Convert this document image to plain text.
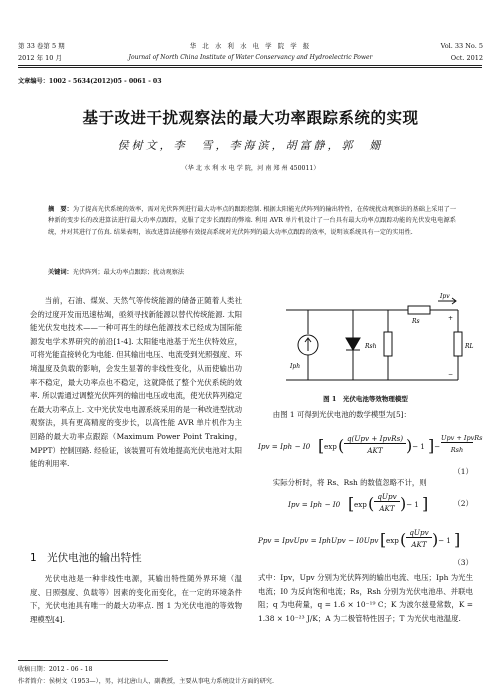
第 33 卷第 5 期
2012 年 10 月
华 北 水 利 水 电 学 院 学 报
Journal of North China Institute of Water Conservancy and Hydroelectric Power
Vol. 33 No. 5
Oct. 2012
文章编号：1002 - 5634(2012)05 - 0061 - 03
基于改进干扰观察法的最大功率跟踪系统的实现
侯树文，李　雪，李海滨，胡富静，郭　姗
（华 北 水 利 水 电 学 院，河 南 郑 州 450011）
摘　要：为了提高光伏系统的效率，需对光伏阵列进行最大功率点的跟踪控制. 根据太阳能光伏阵列的输出特性，在传统扰动观察法的基础上采用了一种新的变步长的改进算法进行最大功率点跟踪，克服了定步长跟踪的弊端. 利用 AVR 单片机设计了一台具有最大功率点跟踪功能的光伏发电电源系统，并对其进行了仿真. 结果表明，该改进算法能够有效提高系统对光伏阵列的最大功率点跟踪的效率，说明该系统具有一定的实用性.
关键词：光伏阵列；最大功率点跟踪；扰动观察法
当前，石油、煤炭、天然气等传统能源的储备正随着人类社会的过度开发而迅速枯竭，亟须寻找新能源以替代传统能源. 太阳能光伏发电技术——一种可再生的绿色能源技术已经成为国际能源发电学术界研究的前沿[1-4]. 太阳能电池基于光生伏特效应，可将光能直接转化为电能. 但其输出电压、电流受到光照强度、环境温度及负载的影响，会发生显著的非线性变化，从而使输出功率不稳定，最大功率点也不稳定，这就降低了整个光伏系统的效率. 所以需通过调整光伏阵列的输出电压或电流，使光伏阵列稳定在最大功率点上. 文中光伏发电电源系统采用的是一种改进型扰动观察法，具有更高精度的变步长，以高性能 AVR 单片机作为主回路的最大功率点跟踪（Maximum Power Point Traking，MPPT）控制回路. 经验证，该装置可有效地提高光伏电池对太阳能的利用率.
1　光伏电池的输出特性
光伏电池是一种非线性电源，其输出特性随外界环境（温度、日照强度、负载等）因素的变化而变化，在一定的环境条件下，光伏电池具有唯一的最大功率点. 图 1 为光伏电池的等效物理模型[4].
Ipv
Rs
Iph
Rsh	RL
+
−
图 1　光伏电池等效物理模型
由图 1 可得到光伏电池的数学模型为[5]：
Ipv = Iph − I0 [ exp ( q(Upv + IpvRs)
AKT	) − 1 ] −
Upv + IpvRs
Rsh
（1）
实际分析时，将 Rs、Rsh 的数值忽略不计，则
Ipv = Iph − I0 [ exp ( qUpv
AKT ) − 1 ]	（2）
Ppv = IpvUpv = IphUpv − I0Upv [ exp ( qUpv
AKT ) − 1 ]
（3）
式中：Ipv，Upv 分别为光伏阵列的输出电流、电压；Iph 为光生电流；I0 为反向饱和电流；Rs，Rsh 分别为光伏电池串、并联电阻；q 为电荷量，q = 1.6 × 10⁻¹⁹ C；K 为波尔兹曼常数，K = 1.38 × 10⁻²³ J/K；A 为二极管特性因子；T 为光伏电池温度.
收稿日期：2012 - 06 - 18
作者简介：侯树文（1953—），男，河北唐山人，副教授，主要从事电力系统设计方面的研究.
